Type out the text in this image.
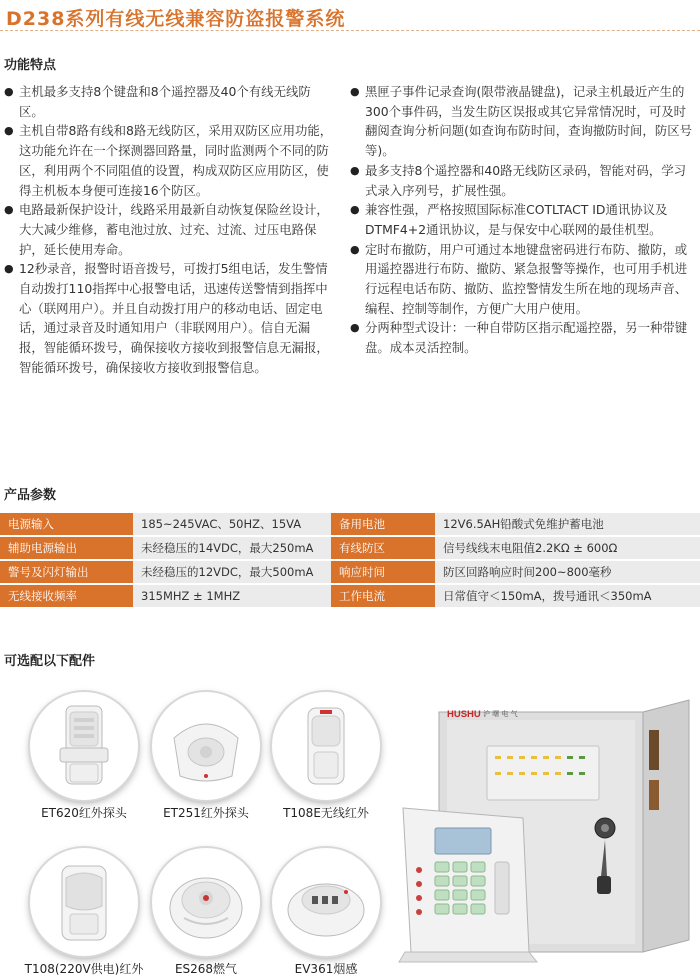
D238系列有线无线兼容防盗报警系统
功能特点

● 主机最多支持8个键盘和8个遥控器及40个有线无线防区。

● 主机自带8路有线和8路无线防区，采用双防区应用功能，这功能允许在一个探测器回路量，同时监测两个不同的防区，利用两个不同阻值的设置，构成双防区应用防区，使得主机板本身便可连接16个防区。

● 电路最新保护设计，线路采用最新自动恢复保险丝设计，大大减少维修，蓄电池过放、过充、过流、过压电路保护，延长使用寿命。

● 12秒录音，报警时语音拨号，可拨打5组电话，发生警情自动拨打110指挥中心报警电话，迅速传送警情到指挥中心（联网用户）。并且自动拨打用户的移动电话、固定电话，通过录音及时通知用户（非联网用户）。信自无漏报，智能循环拨号，确保接收方接收到报警信息无漏报，智能循环拨号，确保接收方接收到报警信息。

● 黑匣子事件记录查询(限带液晶键盘)，记录主机最近产生的300个事件码，当发生防区误报或其它异常情况时，可及时翻阅查询分析问题(如查询布防时间，查询撤防时间，防区号等)。

● 最多支持8个遥控器和40路无线防区录码，智能对码，学习式录入序列号，扩展性强。

● 兼容性强，严格按照国际标准COTLTACT ID通讯协议及DTMF4+2通讯协议，是与保安中心联网的最佳机型。

● 定时布撤防，用户可通过本地键盘密码进行布防、撤防，或用遥控器进行布防、撤防、紧急报警等操作，也可用手机进行远程电话布防、撤防、监控警情发生所在地的现场声音、编程、控制等制作，方便广大用户使用。

● 分两种型式设计：一种自带防区指示配遥控器，另一种带键盘。成本灵活控制。

产品参数
电源输入	185~245VAC、50HZ、15VA	备用电池	12V6.5AH铅酸式免维护蓄电池
辅助电源输出	未经稳压的14VDC，最大250mA	有线防区	信号线线末电阻值2.2KΩ ± 600Ω
警号及闪灯输出	未经稳压的12VDC，最大500mA	响应时间	防区回路响应时间200~800毫秒
无线接收频率	315MHZ ± 1MHZ	工作电流	日常值守＜150mA，拨号通讯＜350mA
可选配以下配件
ET620红外探头	ET251红外探头	T108E无线红外
T108(220V供电)红外	ES268燃气	EV361烟感
HUSHU 沪 曙 电 气
